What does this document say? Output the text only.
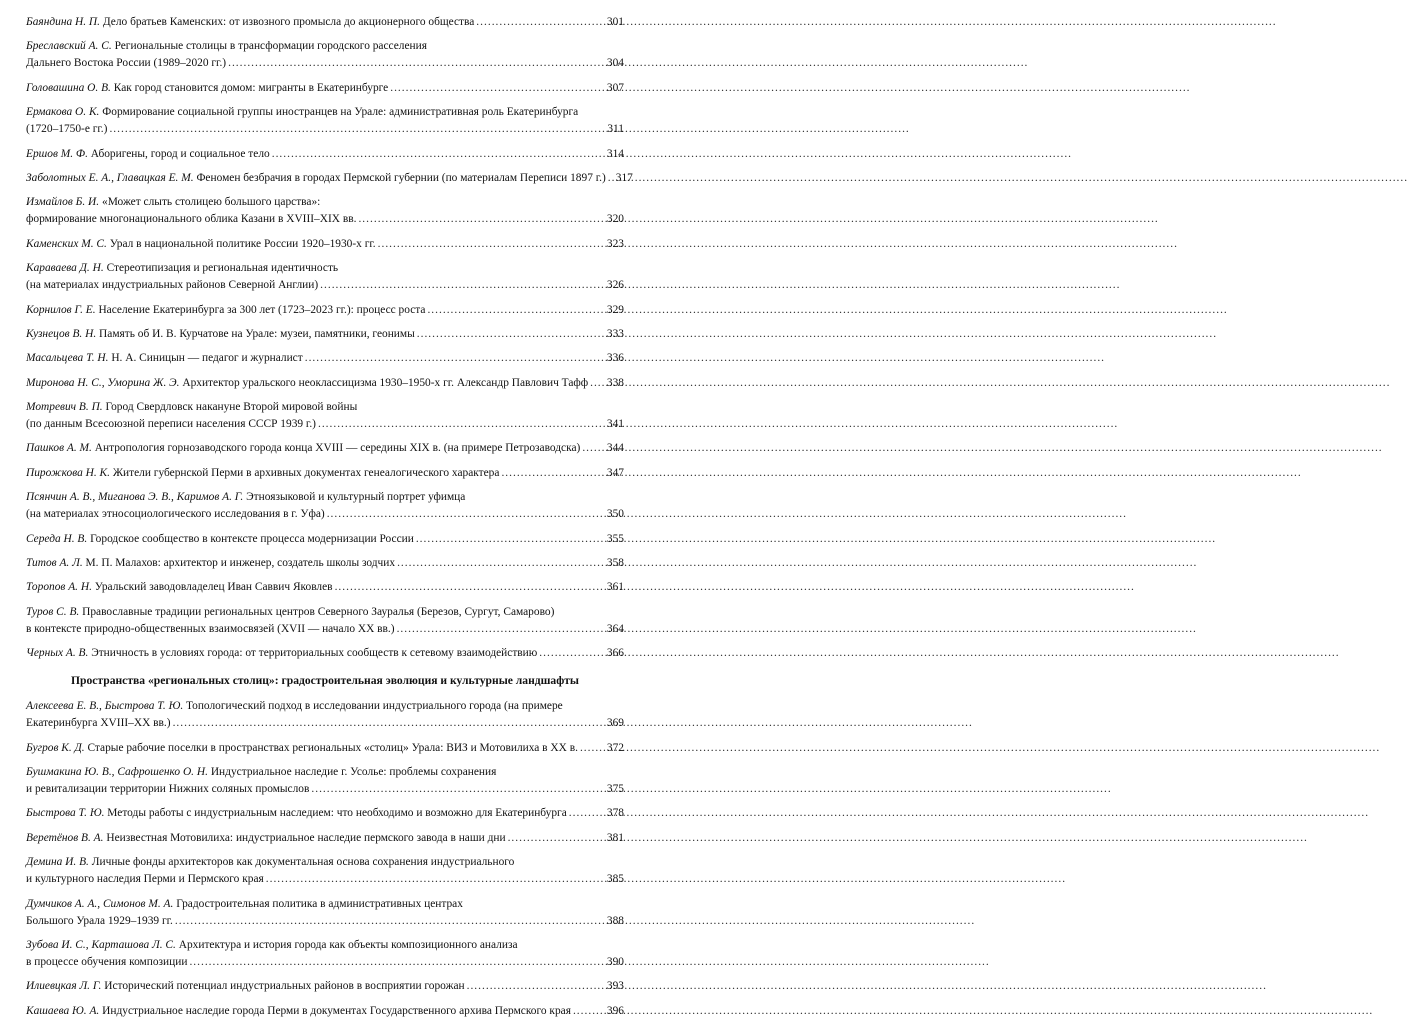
Баяндина Н. П. Дело братьев Каменских: от извозного промысла до акционерного общества .....	301
Бреславский А. С. Региональные столицы в трансформации городского расселения
Дальнего Востока России (1989–2020 гг.) .....	304
Головашина О. В. Как город становится домом: мигранты в Екатеринбурге .....	307
Ермакова О. К. Формирование социальной группы иностранцев на Урале: административная роль Екатеринбурга
(1720–1750-е гг.) .....	311
Ершов М. Ф. Аборигены, город и социальное тело .....	314
Заболотных Е. А., Главацкая Е. М. Феномен безбрачия в городах Пермской губернии (по материалам Переписи 1897 г.) ..... 317
Измайлов Б. И. «Может слыть столицею большого царства»:
формирование многонационального облика Казани в XVIII–XIX вв. .....	320
Каменских М. С. Урал в национальной политике России 1920–1930-х гг. .....	323
Караваева Д. Н. Стереотипизация и региональная идентичность
(на материалах индустриальных районов Северной Англии) .....	326
Корнилов Г. Е. Население Екатеринбурга за 300 лет (1723–2023 гг.): процесс роста .....	329
Кузнецов В. Н. Память об И. В. Курчатове на Урале: музеи, памятники, геонимы .....	333
Масальцева Т. Н. Н. А. Синицын — педагог и журналист .....	336
Миронова Н. С., Уморина Ж. Э. Архитектор уральского неоклассицизма 1930–1950-х гг. Александр Павлович Тафф ..... 338
Мотревич В. П. Город Свердловск накануне Второй мировой войны
(по данным Всесоюзной переписи населения СССР 1939 г.) .....	341
Пашков А. М. Антропология горнозаводского города конца XVIII — середины XIX в. (на примере Петрозаводска) ..... 344
Пирожкова Н. К. Жители губернской Перми в архивных документах генеалогического характера .....	347
Псянчин А. В., Миганова Э. В., Каримов А. Г. Этноязыковой и культурный портрет уфимца
(на материалах этносоциологического исследования в г. Уфа) .....	350
Середа Н. В. Городское сообщество в контексте процесса модернизации России .....	355
Титов А. Л. М. П. Малахов: архитектор и инженер, создатель школы зодчих .....	358
Торопов А. Н. Уральский заводовладелец Иван Саввич Яковлев .....	361
Туров С. В. Православные традиции региональных центров Северного Зауралья (Березов, Сургут, Самарово)
в контексте природно-общественных взаимосвязей (XVII — начало XX вв.) .....	364
Черных А. В. Этничность в условиях города: от территориальных сообществ к сетевому взаимодействию .....	366
Пространства «региональных столиц»: градостроительная эволюция и культурные ландшафты
Алексеева Е. В., Быстрова Т. Ю. Топологический подход в исследовании индустриального города (на примере
Екатеринбурга XVIII–XX вв.) .....	369
Бугров К. Д. Старые рабочие поселки в пространствах региональных «столиц» Урала: ВИЗ и Мотовилиха в XX в. .....	372
Бушмакина Ю. В., Сафрошенко О. Н. Индустриальное наследие г. Усолье: проблемы сохранения
и ревитализации территории Нижних соляных промыслов .....	375
Быстрова Т. Ю. Методы работы с индустриальным наследием: что необходимо и возможно для Екатеринбурга .....	378
Веретёнов В. А. Неизвестная Мотовилиха: индустриальное наследие пермского завода в наши дни .....	381
Демина И. В. Личные фонды архитекторов как документальная основа сохранения индустриального
и культурного наследия Перми и Пермского края .....	385
Думчиков А. А., Симонов М. А. Градостроительная политика в административных центрах
Большого Урала 1929–1939 гг. .....	388
Зубова И. С., Карташова Л. С. Архитектура и история города как объекты композиционного анализа
в процессе обучения композиции .....	390
Илиевцкая Л. Г. Исторический потенциал индустриальных районов в восприятии горожан .....	393
Кашаева Ю. А. Индустриальное наследие города Перми в документах Государственного архива Пермского края .....	396
